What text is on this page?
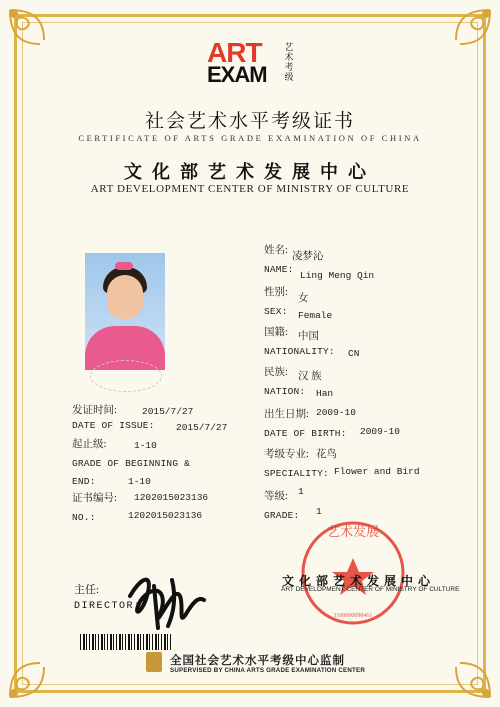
ART
EXAM
艺术考级
社会艺术水平考级证书
CERTIFICATE OF ARTS GRADE EXAMINATION OF CHINA
文化部艺术发展中心
ART DEVELOPMENT CENTER OF MINISTRY OF CULTURE
姓名:
凌梦沁
NAME:
Ling Meng Qin
性别:
女
SEX: Female
国籍: 中国
NATIONALITY: CN
民族: 汉 族
NATION: Han
出生日期: 2009-10
DATE OF BIRTH: 2009-10
考级专业: 花鸟
SPECIALITY: Flower and Bird
等级: 1
GRADE: 1
发证时间:	2015/7/27
DATE OF ISSUE: 2015/7/27
起止级:	1-10
GRADE OF BEGINNING &
END:	1-10
证书编号: 1202015023136
NO.:	1202015023136
艺术发展
1100000098461
文化部艺术发展中心
ART DEVELOPMENT CENTER OF MINISTRY OF CULTURE
主任:
DIRECTOR:
全国社会艺术水平考级中心监制
SUPERVISED BY CHINA ARTS GRADE EXAMINATION CENTER
